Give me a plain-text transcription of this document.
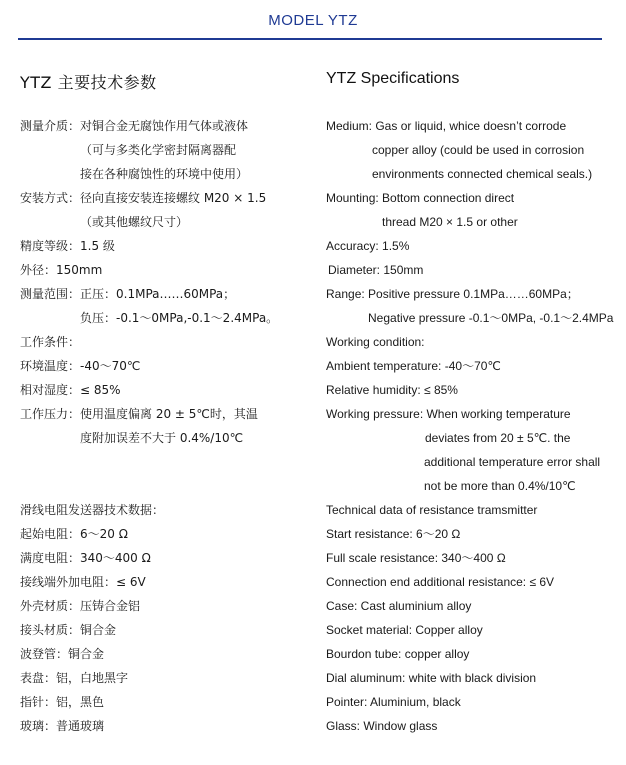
MODEL YTZ
YTZ 主要技术参数	YTZ Specifications
测量介质：对铜合金无腐蚀作用气体或液体
（可与多类化学密封隔离器配
接在各种腐蚀性的环境中使用）
安装方式：径向直接安装连接螺纹 M20 × 1.5
（或其他螺纹尺寸）
精度等级：1.5 级
外径：150mm
测量范围：正压：0.1MPa……60MPa；
负压：-0.1～0MPa,-0.1～2.4MPa。
工作条件：
环境温度：-40～70℃
相对湿度：≤ 85%
工作压力：使用温度偏离 20 ± 5℃时，其温
度附加误差不大于 0.4%/10℃
滑线电阻发送器技术数据：
起始电阻：6～20 Ω
满度电阻：340～400 Ω
接线端外加电阻：≤ 6V
外壳材质：压铸合金铝
接头材质：铜合金
波登管：铜合金
表盘：铝，白地黑字
指针：铝，黑色
玻璃：普通玻璃
Medium: Gas or liquid, whice doesn’t corrode
copper alloy (could be used in corrosion
environments connected chemical seals.)
Mounting: Bottom connection direct
thread M20 × 1.5 or other
Accuracy: 1.5%
Diameter: 150mm
Range: Positive pressure 0.1MPa……60MPa；
Negative pressure -0.1～0MPa, -0.1～2.4MPa
Working condition:
Ambient temperature: -40～70℃
Relative humidity: ≤ 85%
Working pressure: When working temperature
deviates from 20 ± 5℃. the
additional temperature error shall
not be more than 0.4%/10℃
Technical data of resistance tramsmitter
Start resistance: 6～20 Ω
Full scale resistance: 340～400 Ω
Connection end additional resistance: ≤ 6V
Case: Cast aluminium alloy
Socket material: Copper alloy
Bourdon tube: copper alloy
Dial aluminum: white with black division
Pointer: Aluminium, black
Glass: Window glass
